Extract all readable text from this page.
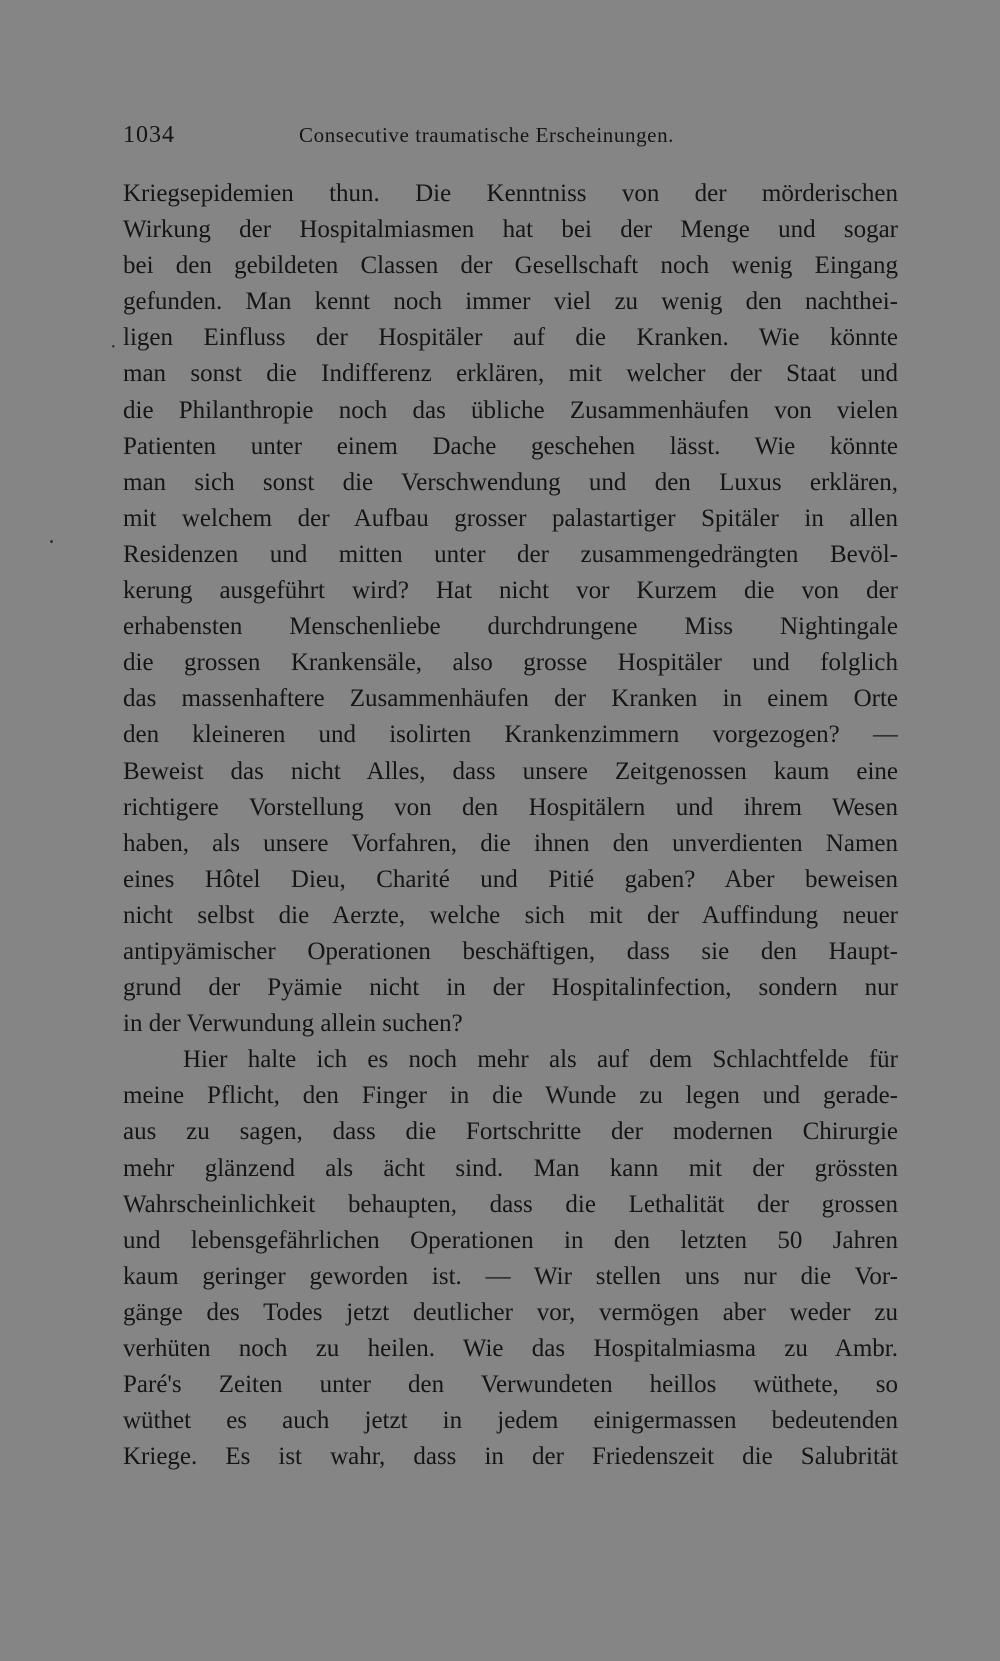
1034	Consecutive traumatische Erscheinungen.
·
Kriegsepidemien thun. Die Kenntniss von der mörderischen
Wirkung der Hospitalmiasmen hat bei der Menge und sogar
bei den gebildeten Classen der Gesellschaft noch wenig Eingang
gefunden. Man kennt noch immer viel zu wenig den nachthei-
ligen Einfluss der Hospitäler auf die Kranken. Wie könnte
man sonst die Indifferenz erklären, mit welcher der Staat und
die Philanthropie noch das übliche Zusammenhäufen von vielen
Patienten unter einem Dache geschehen lässt. Wie könnte
man sich sonst die Verschwendung und den Luxus erklären,
mit welchem der Aufbau grosser palastartiger Spitäler in allen
Residenzen und mitten unter der zusammengedrängten Bevöl-
kerung ausgeführt wird? Hat nicht vor Kurzem die von der
erhabensten Menschenliebe durchdrungene Miss Nightingale
die grossen Krankensäle, also grosse Hospitäler und folglich
das massenhaftere Zusammenhäufen der Kranken in einem Orte
den kleineren und isolirten Krankenzimmern vorgezogen? —
Beweist das nicht Alles, dass unsere Zeitgenossen kaum eine
richtigere Vorstellung von den Hospitälern und ihrem Wesen
haben, als unsere Vorfahren, die ihnen den unverdienten Namen
eines Hôtel Dieu, Charité und Pitié gaben? Aber beweisen
nicht selbst die Aerzte, welche sich mit der Auffindung neuer
antipyämischer Operationen beschäftigen, dass sie den Haupt-
grund der Pyämie nicht in der Hospitalinfection, sondern nur
in der Verwundung allein suchen?
Hier halte ich es noch mehr als auf dem Schlachtfelde für
meine Pflicht, den Finger in die Wunde zu legen und gerade-
aus zu sagen, dass die Fortschritte der modernen Chirurgie
mehr glänzend als ächt sind. Man kann mit der grössten
Wahrscheinlichkeit behaupten, dass die Lethalität der grossen
und lebensgefährlichen Operationen in den letzten 50 Jahren
kaum geringer geworden ist. — Wir stellen uns nur die Vor-
gänge des Todes jetzt deutlicher vor, vermögen aber weder zu
verhüten noch zu heilen. Wie das Hospitalmiasma zu Ambr.
Paré's Zeiten unter den Verwundeten heillos wüthete, so
wüthet es auch jetzt in jedem einigermassen bedeutenden
Kriege. Es ist wahr, dass in der Friedenszeit die Salubrität
